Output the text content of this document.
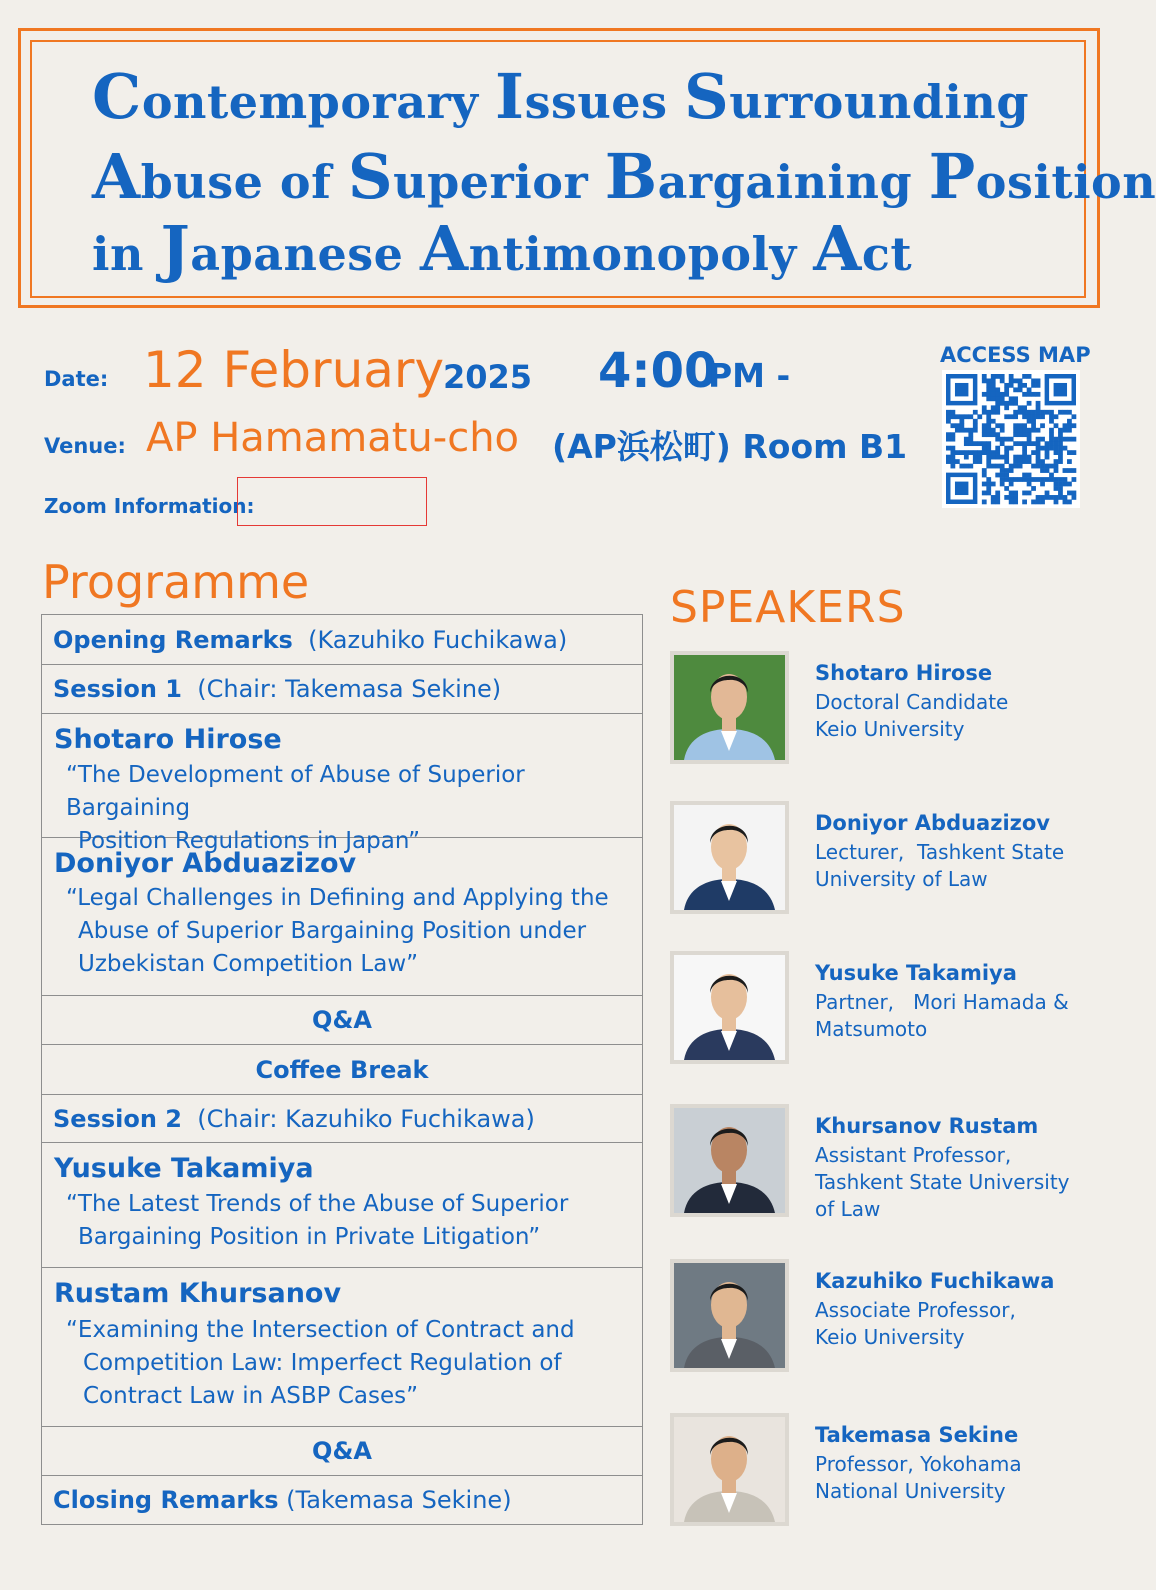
Contemporary Issues Surrounding
Abuse of Superior Bargaining Position
in Japanese Antimonopoly Act
Date: 12 February
2025 4:00
PM -
Venue: AP Hamamatu-cho (AP浜松町) Room B1
Zoom Information:
ACCESS MAP
Programme
Opening Remarks
(Kazuhiko Fuchikawa)
Session 1
(Chair: Takemasa Sekine)
Shotaro Hirose
“The Development of Abuse of Superior Bargaining
Position Regulations in Japan”
Doniyor Abduazizov
“Legal Challenges in Defining and Applying the
Abuse of Superior Bargaining Position under
Uzbekistan Competition Law”
Q&A
Coffee Break
Session 2
(Chair: Kazuhiko Fuchikawa)
Yusuke Takamiya
“The Latest Trends of the Abuse of Superior
Bargaining Position in Private Litigation”
Rustam Khursanov
“Examining the Intersection of Contract and
Competition Law: Imperfect Regulation of
Contract Law in ASBP Cases”
Q&A
Closing Remarks
(Takemasa Sekine)
SPEAKERS
Shotaro Hirose
Doctoral Candidate
Keio University
Doniyor Abduazizov
Lecturer,  Tashkent State
University of Law
Yusuke Takamiya
Partner,   Mori Hamada &
Matsumoto
Khursanov Rustam
Assistant Professor,
Tashkent State University
of Law
Kazuhiko Fuchikawa
Associate Professor,
Keio University
Takemasa Sekine
Professor, Yokohama
National University
